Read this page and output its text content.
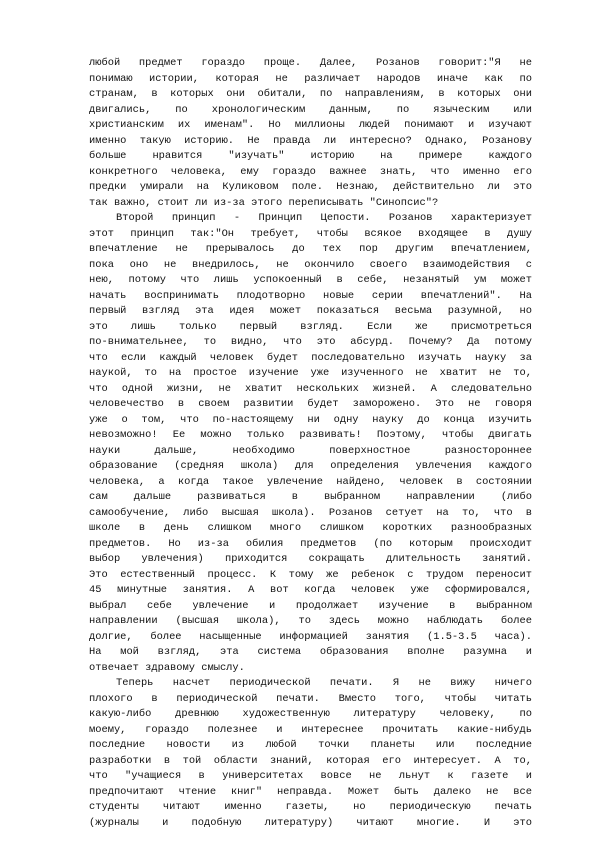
любой предмет гораздо проще. Далее, Розанов говорит:"Я не
понимаю истории, которая не различает народов иначе как по
странам, в которых они обитали, по направлениям, в которых они
двигались, по хронологическим данным, по языческим или
христианским их именам". Но миллионы людей понимают и изучают
именно такую историю. Не правда ли интересно? Однако, Розанову
больше нравится "изучать" историю на примере каждого
конкретного человека, ему гораздо важнее знать, что именно его
предки умирали на Куликовом поле. Незнаю, действительно ли это
так важно, стоит ли из-за этого переписывать "Синопсис"?
Второй принцип - Принцип Цепости. Розанов характеризует
этот принцип так:"Он требует, чтобы всякое входящее в душу
впечатление не прерывалось до тех пор другим впечатлением,
пока оно не внедрилось, не окончило своего взаимодействия с
нею, потому что лишь успокоенный в себе, незанятый ум может
начать воспринимать плодотворно новые серии впечатлений". На
первый взгляд эта идея может показаться весьма разумной, но
это лишь только первый взгляд. Если же присмотреться
по-внимательнее, то видно, что это абсурд. Почему? Да потому
что если каждый человек будет последовательно изучать науку за
наукой, то на простое изучение уже изученного не хватит не то,
что одной жизни, не хватит нескольких жизней. А следовательно
человечество в своем развитии будет заморожено. Это не говоря
уже о том, что по-настоящему ни одну науку до конца изучить
невозможно! Ее можно только развивать! Поэтому, чтобы двигать
науки дальше, необходимо поверхностное разностороннее
образование (средняя школа) для определения увлечения каждого
человека, а когда такое увлечение найдено, человек в состоянии
сам дальше развиваться в выбранном направлении (либо
самообучение, либо высшая школа). Розанов сетует на то, что в
школе в день слишком много слишком коротких разнообразных
предметов. Но из-за обилия предметов (по которым происходит
выбор увлечения) приходится сокращать длительность занятий.
Это естественный процесс. К тому же ребенок с трудом переносит
45 минутные занятия. А вот когда человек уже сформировался,
выбрал себе увлечение и продолжает изучение в выбранном
направлении (высшая школа), то здесь можно наблюдать более
долгие, более насыщенные информацией занятия (1.5-3.5 часа).
На мой взгляд, эта система образования вполне разумна и
отвечает здравому смыслу.
Теперь насчет периодической печати. Я не вижу ничего
плохого в периодической печати. Вместо того, чтобы читать
какую-либо древнюю художественную литературу человеку, по
моему, гораздо полезнее и интереснее прочитать какие-нибудь
последние новости из любой точки планеты или последние
разработки в той области знаний, которая его интересует. А то,
что "учащиеся в университетах вовсе не льнут к газете и
предпочитают чтение книг" неправда. Может быть далеко не все
студенты читают именно газеты, но периодическую печать
(журналы и подобную литературу) читают многие. И это
